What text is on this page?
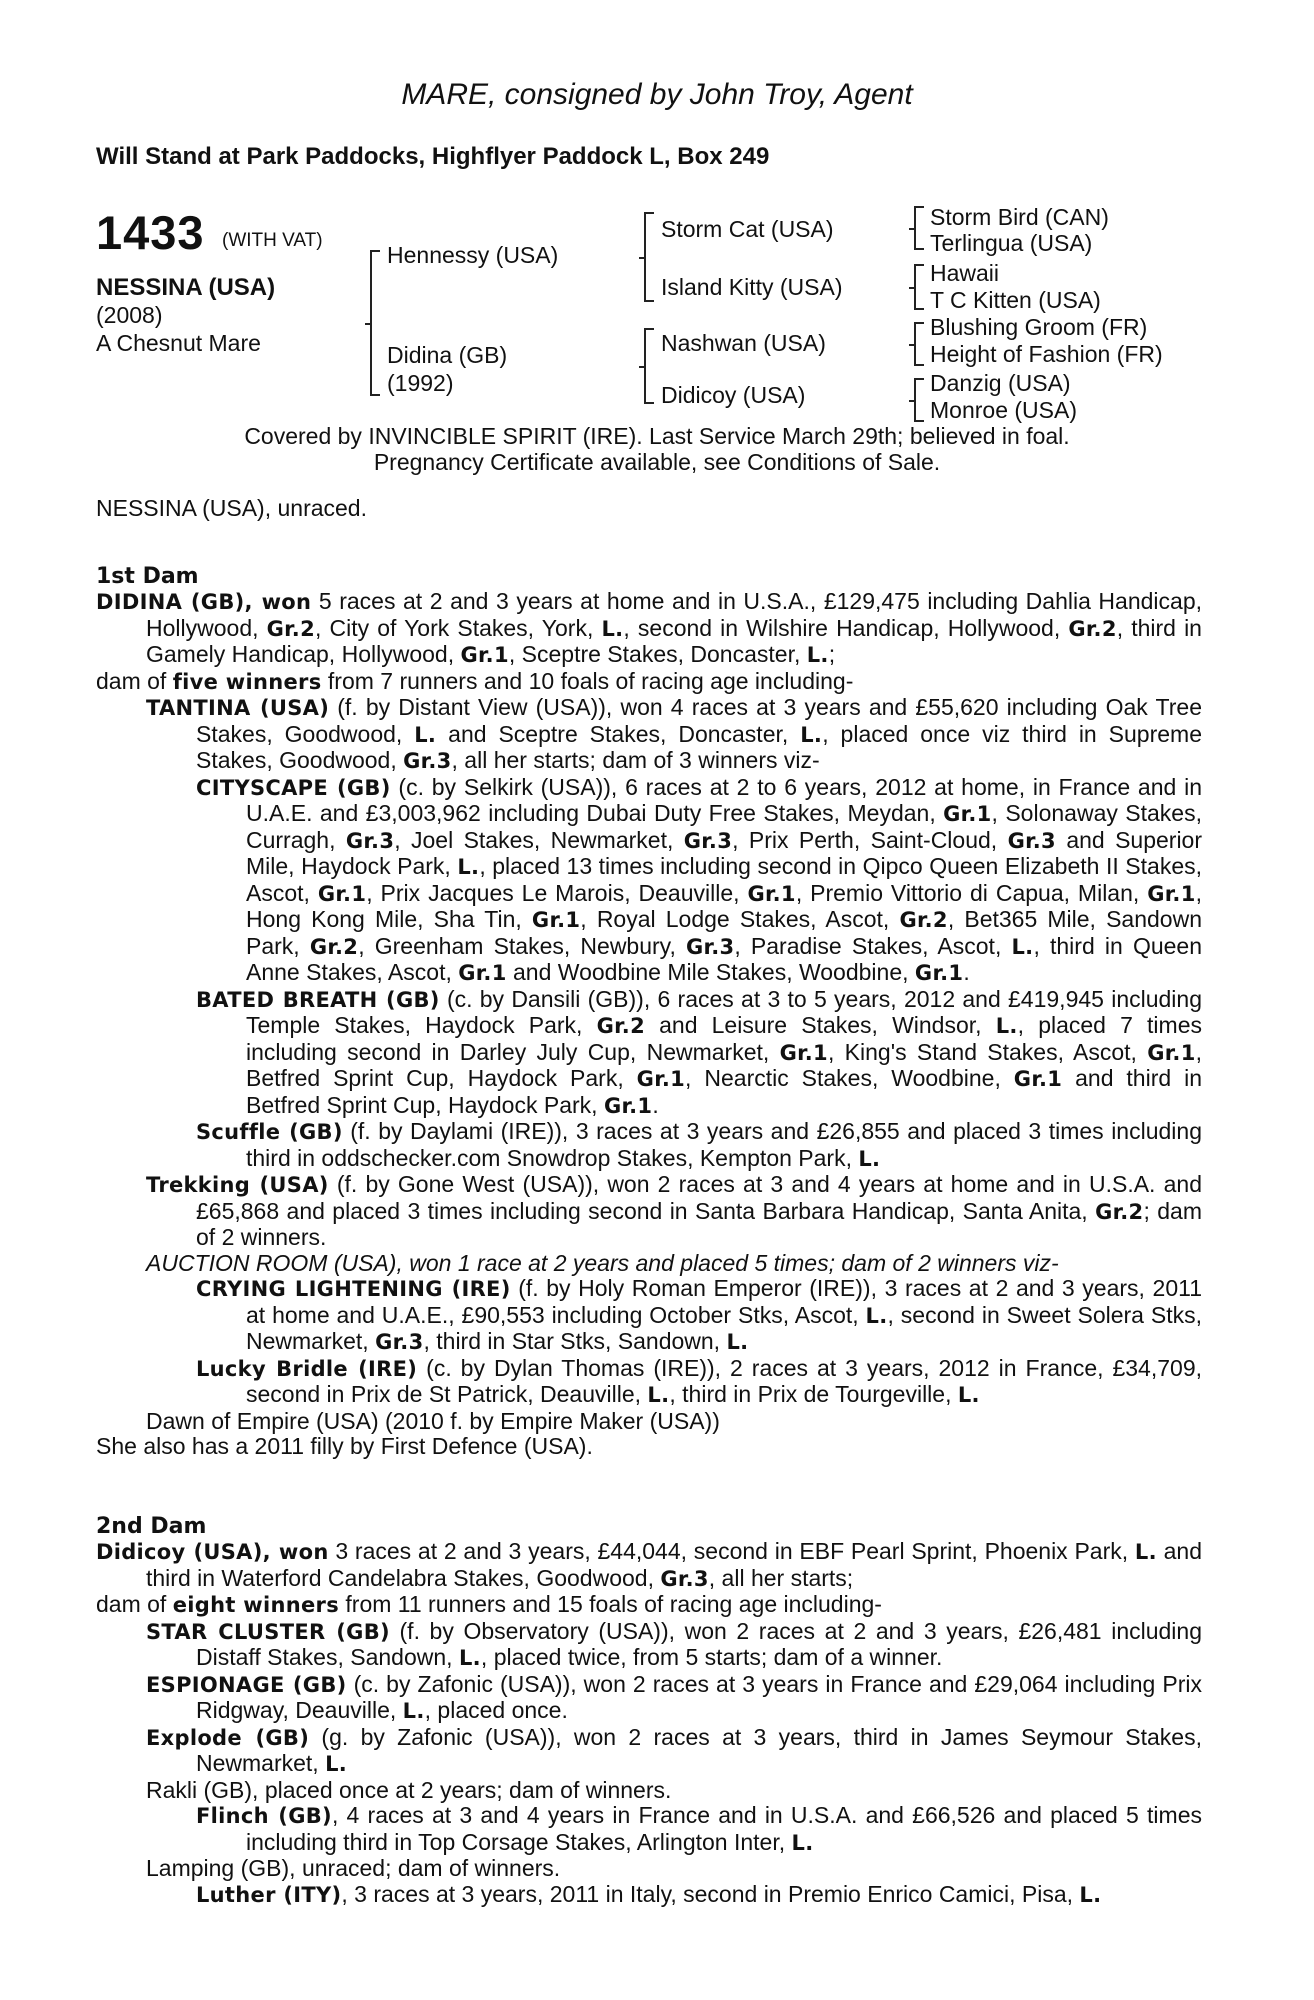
MARE, consigned by John Troy, Agent
Will Stand at Park Paddocks, Highflyer Paddock L, Box 249
1433 (WITH VAT)
NESSINA (USA)
(2008)
A Chesnut Mare
Hennessy (USA)
Didina (GB)
(1992)
Storm Cat (USA)
Island Kitty (USA)
Nashwan (USA)
Didicoy (USA)
Storm Bird (CAN)
Terlingua (USA)
Hawaii
T C Kitten (USA)
Blushing Groom (FR)
Height of Fashion (FR)
Danzig (USA)
Monroe (USA)
Covered by INVINCIBLE SPIRIT (IRE). Last Service March 29th; believed in foal.
Pregnancy Certificate available, see Conditions of Sale.

NESSINA (USA), unraced.

1st Dam

DIDINA (GB), won 5 races at 2 and 3 years at home and in U.S.A., £129,475 including Dahlia Handicap, Hollywood, Gr.2, City of York Stakes, York, L., second in Wilshire Handicap, Hollywood, Gr.2, third in Gamely Handicap, Hollywood, Gr.1, Sceptre Stakes, Doncaster, L.;

dam of five winners from 7 runners and 10 foals of racing age including-

TANTINA (USA) (f. by Distant View (USA)), won 4 races at 3 years and £55,620 including Oak Tree Stakes, Goodwood, L. and Sceptre Stakes, Doncaster, L., placed once viz third in Supreme Stakes, Goodwood, Gr.3, all her starts; dam of 3 winners viz-

CITYSCAPE (GB) (c. by Selkirk (USA)), 6 races at 2 to 6 years, 2012 at home, in France and in U.A.E. and £3,003,962 including Dubai Duty Free Stakes, Meydan, Gr.1, Solonaway Stakes, Curragh, Gr.3, Joel Stakes, Newmarket, Gr.3, Prix Perth, Saint-Cloud, Gr.3 and Superior Mile, Haydock Park, L., placed 13 times including second in Qipco Queen Elizabeth II Stakes, Ascot, Gr.1, Prix Jacques Le Marois, Deauville, Gr.1, Premio Vittorio di Capua, Milan, Gr.1, Hong Kong Mile, Sha Tin, Gr.1, Royal Lodge Stakes, Ascot, Gr.2, Bet365 Mile, Sandown Park, Gr.2, Greenham Stakes, Newbury, Gr.3, Paradise Stakes, Ascot, L., third in Queen Anne Stakes, Ascot, Gr.1 and Woodbine Mile Stakes, Woodbine, Gr.1.

BATED BREATH (GB) (c. by Dansili (GB)), 6 races at 3 to 5 years, 2012 and £419,945 including Temple Stakes, Haydock Park, Gr.2 and Leisure Stakes, Windsor, L., placed 7 times including second in Darley July Cup, Newmarket, Gr.1, King's Stand Stakes, Ascot, Gr.1, Betfred Sprint Cup, Haydock Park, Gr.1, Nearctic Stakes, Woodbine, Gr.1 and third in Betfred Sprint Cup, Haydock Park, Gr.1.

Scuffle (GB) (f. by Daylami (IRE)), 3 races at 3 years and £26,855 and placed 3 times including third in oddschecker.com Snowdrop Stakes, Kempton Park, L.

Trekking (USA) (f. by Gone West (USA)), won 2 races at 3 and 4 years at home and in U.S.A. and £65,868 and placed 3 times including second in Santa Barbara Handicap, Santa Anita, Gr.2; dam of 2 winners.

AUCTION ROOM (USA), won 1 race at 2 years and placed 5 times; dam of 2 winners viz-

CRYING LIGHTENING (IRE) (f. by Holy Roman Emperor (IRE)), 3 races at 2 and 3 years, 2011 at home and U.A.E., £90,553 including October Stks, Ascot, L., second in Sweet Solera Stks, Newmarket, Gr.3, third in Star Stks, Sandown, L.

Lucky Bridle (IRE) (c. by Dylan Thomas (IRE)), 2 races at 3 years, 2012 in France, £34,709, second in Prix de St Patrick, Deauville, L., third in Prix de Tourgeville, L.

Dawn of Empire (USA) (2010 f. by Empire Maker (USA))

She also has a 2011 filly by First Defence (USA).

2nd Dam

Didicoy (USA), won 3 races at 2 and 3 years, £44,044, second in EBF Pearl Sprint, Phoenix Park, L. and third in Waterford Candelabra Stakes, Goodwood, Gr.3, all her starts;

dam of eight winners from 11 runners and 15 foals of racing age including-

STAR CLUSTER (GB) (f. by Observatory (USA)), won 2 races at 2 and 3 years, £26,481 including Distaff Stakes, Sandown, L., placed twice, from 5 starts; dam of a winner.

ESPIONAGE (GB) (c. by Zafonic (USA)), won 2 races at 3 years in France and £29,064 including Prix Ridgway, Deauville, L., placed once.

Explode (GB) (g. by Zafonic (USA)), won 2 races at 3 years, third in James Seymour Stakes, Newmarket, L.

Rakli (GB), placed once at 2 years; dam of winners.

Flinch (GB), 4 races at 3 and 4 years in France and in U.S.A. and £66,526 and placed 5 times including third in Top Corsage Stakes, Arlington Inter, L.

Lamping (GB), unraced; dam of winners.

Luther (ITY), 3 races at 3 years, 2011 in Italy, second in Premio Enrico Camici, Pisa, L.
